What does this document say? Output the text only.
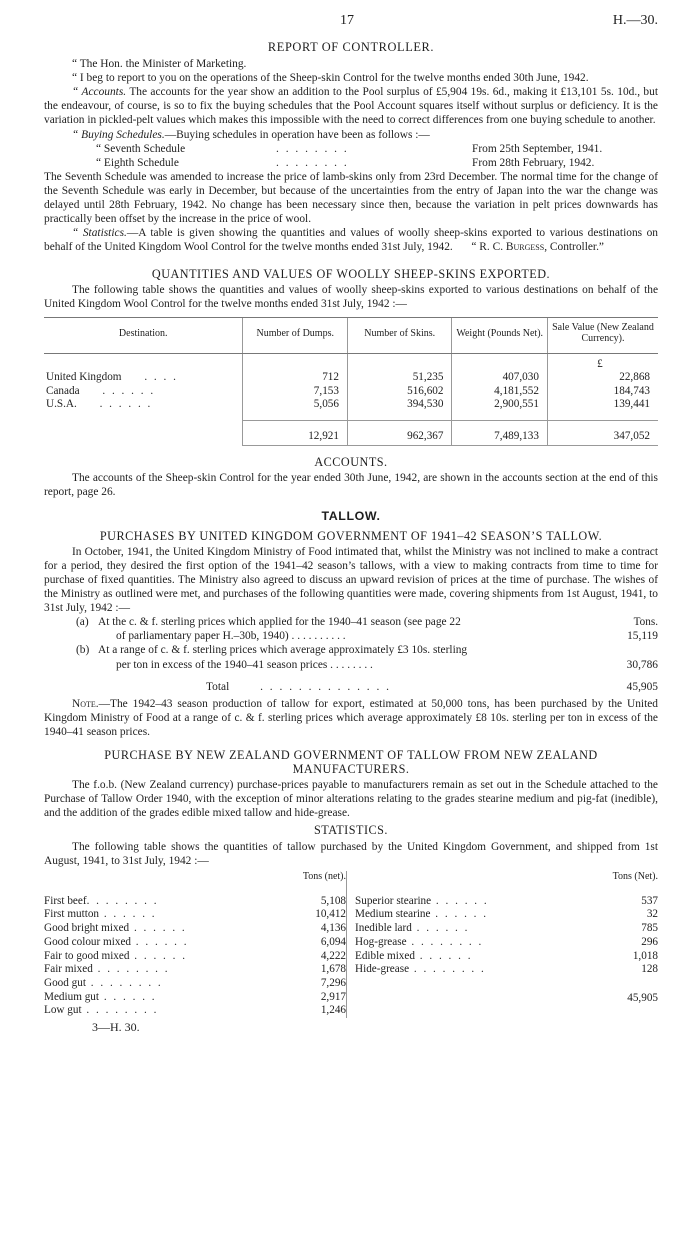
17	H.—30.
REPORT OF CONTROLLER.

“ The Hon. the Minister of Marketing.

“ I beg to report to you on the operations of the Sheep-skin Control for the twelve months ended 30th June, 1942.

“ Accounts. The accounts for the year show an addition to the Pool surplus of £5,904 19s. 6d., making it £13,101 5s. 10d., but the endeavour, of course, is so to fix the buying schedules that the Pool Account squares itself without surplus or deficiency. It is the variation in pickled-pelt values which makes this impossible with the need to correct differences from one buying schedule to another.

“ Buying Schedules.—Buying schedules in operation have been as follows :—

“ Seventh Schedule	. . . . . . . .	From 25th September, 1941.
“ Eighth Schedule	. . . . . . . .	From 28th February, 1942.

The Seventh Schedule was amended to increase the price of lamb-skins only from 23rd December. The normal time for the change of the Seventh Schedule was early in December, but because of the uncertainties from the entry of Japan into the war the change was delayed until 28th February, 1942. No change has been necessary since then, because the variation in pelt prices downwards has practically been offset by the increase in the price of wool.

“ Statistics.—A table is given showing the quantities and values of woolly sheep-skins exported to various destinations on behalf of the United Kingdom Wool Control for the twelve months ended 31st July, 1942.	“ R. C. Burgess, Controller.”
QUANTITIES AND VALUES OF WOOLLY SHEEP-SKINS EXPORTED.

The following table shows the quantities and values of woolly sheep-skins exported to various destinations on behalf of the United Kingdom Wool Control for the twelve months ended 31st July, 1942 :—

Destination.	Number of Dumps.	Number of Skins.	Weight (Pounds Net).	Sale Value (New Zealand Currency).
				£
United Kingdom . . . .	712	51,235	407,030	22,868
Canada . . . . . .	7,153	516,602	4,181,552	184,743
U.S.A. . . . . . .	5,056	394,530	2,900,551	139,441

	12,921	962,367	7,489,133	347,052
ACCOUNTS.

The accounts of the Sheep-skin Control for the year ended 30th June, 1942, are shown in the accounts section at the end of this report, page 26.

TALLOW.
PURCHASES BY UNITED KINGDOM GOVERNMENT OF 1941–42 SEASON’S TALLOW.

In October, 1941, the United Kingdom Ministry of Food intimated that, whilst the Ministry was not inclined to make a contract for a period, they desired the first option of the 1941–42 season’s tallows, with a view to making contracts from time to time for purchase of fixed quantities. The Ministry also agreed to discuss an upward revision of prices at the time of purchase. The wishes of the Ministry as outlined were met, and purchases of the following quantities were made, covering shipments from 1st August, 1941, to 31st July, 1942 :—

(a) At the c. & f. sterling prices which applied for the 1940–41 season (see page 22
of parliamentary paper H.–30b, 1940) . . . . . . . . . .
Tons.
15,119
(b) At a range of c. & f. sterling prices which average approximately £3 10s. sterling
per ton in excess of the 1940–41 season prices . . . . . . . .	30,786
Total	. . . . . . . . . . . . . .	45,905

Note.—The 1942–43 season production of tallow for export, estimated at 50,000 tons, has been purchased by the United Kingdom Ministry of Food at a range of c. & f. sterling prices which average approximately £8 10s. sterling per ton in excess of the 1940–41 season prices.

PURCHASE BY NEW ZEALAND GOVERNMENT OF TALLOW FROM NEW ZEALAND MANUFACTURERS.

The f.o.b. (New Zealand currency) purchase-prices payable to manufacturers remain as set out in the Schedule attached to the Purchase of Tallow Order 1940, with the exception of minor alterations relating to the grades stearine medium and pig-fat (inedible), and the addition of the grades edible mixed tallow and hide-grease.

STATISTICS.

The following table shows the quantities of tallow purchased by the United Kingdom Government, and shipped from 1st August, 1941, to 31st July, 1942 :—

Tons (net).
First beef. . . . . . . .	5,108
First mutton . . . . . .	10,412
Good bright mixed . . . . . .	4,136
Good colour mixed . . . . . .	6,094
Fair to good mixed . . . . . .	4,222
Fair mixed . . . . . . . .	1,678
Good gut . . . . . . . .	7,296
Medium gut . . . . . .	2,917
Low gut . . . . . . . .	1,246
Tons (Net).
Superior stearine . . . . . .	537
Medium stearine . . . . . .	32
Inedible lard . . . . . .	785
Hog-grease . . . . . . . .	296
Edible mixed . . . . . .	1,018
Hide-grease . . . . . . . .	128
45,905
3—H. 30.
